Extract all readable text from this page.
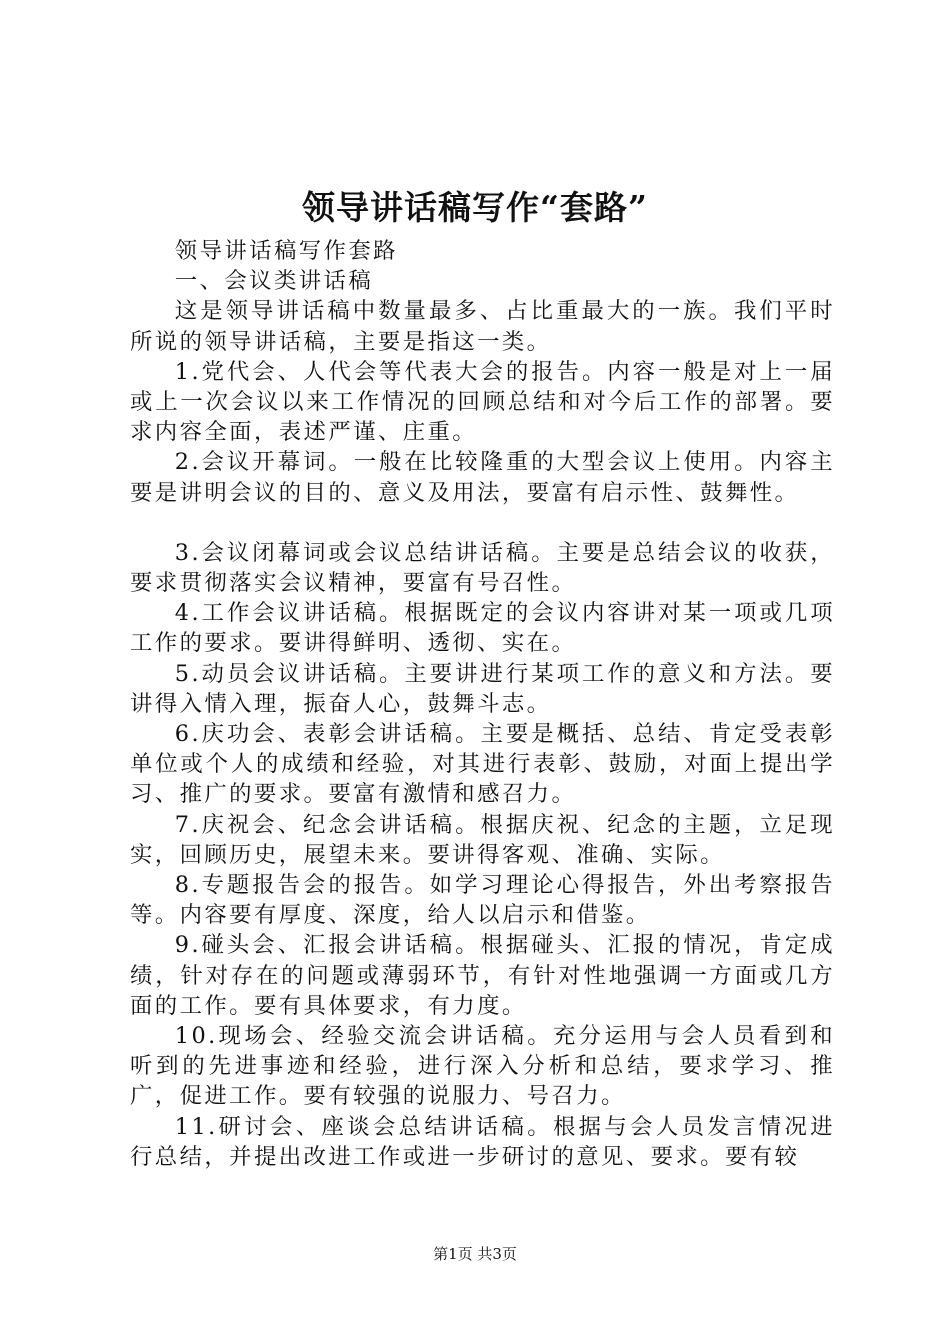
领导讲话稿写作“套路”

领导讲话稿写作套路

一、会议类讲话稿

这是领导讲话稿中数量最多、占比重最大的一族。我们平时所说的领导讲话稿，主要是指这一类。

1.党代会、人代会等代表大会的报告。内容一般是对上一届或上一次会议以来工作情况的回顾总结和对今后工作的部署。要求内容全面，表述严谨、庄重。

2.会议开幕词。一般在比较隆重的大型会议上使用。内容主要是讲明会议的目的、意义及用法，要富有启示性、鼓舞性。

3.会议闭幕词或会议总结讲话稿。主要是总结会议的收获，要求贯彻落实会议精神，要富有号召性。

4.工作会议讲话稿。根据既定的会议内容讲对某一项或几项工作的要求。要讲得鲜明、透彻、实在。

5.动员会议讲话稿。主要讲进行某项工作的意义和方法。要讲得入情入理，振奋人心，鼓舞斗志。

6.庆功会、表彰会讲话稿。主要是概括、总结、肯定受表彰单位或个人的成绩和经验，对其进行表彰、鼓励，对面上提出学习、推广的要求。要富有激情和感召力。

7.庆祝会、纪念会讲话稿。根据庆祝、纪念的主题，立足现实，回顾历史，展望未来。要讲得客观、准确、实际。

8.专题报告会的报告。如学习理论心得报告，外出考察报告等。内容要有厚度、深度，给人以启示和借鉴。

9.碰头会、汇报会讲话稿。根据碰头、汇报的情况，肯定成绩，针对存在的问题或薄弱环节，有针对性地强调一方面或几方面的工作。要有具体要求，有力度。

10.现场会、经验交流会讲话稿。充分运用与会人员看到和听到的先进事迹和经验，进行深入分析和总结，要求学习、推广，促进工作。要有较强的说服力、号召力。

11.研讨会、座谈会总结讲话稿。根据与会人员发言情况进行总结，并提出改进工作或进一步研讨的意见、要求。要有较

第1页 共3页
